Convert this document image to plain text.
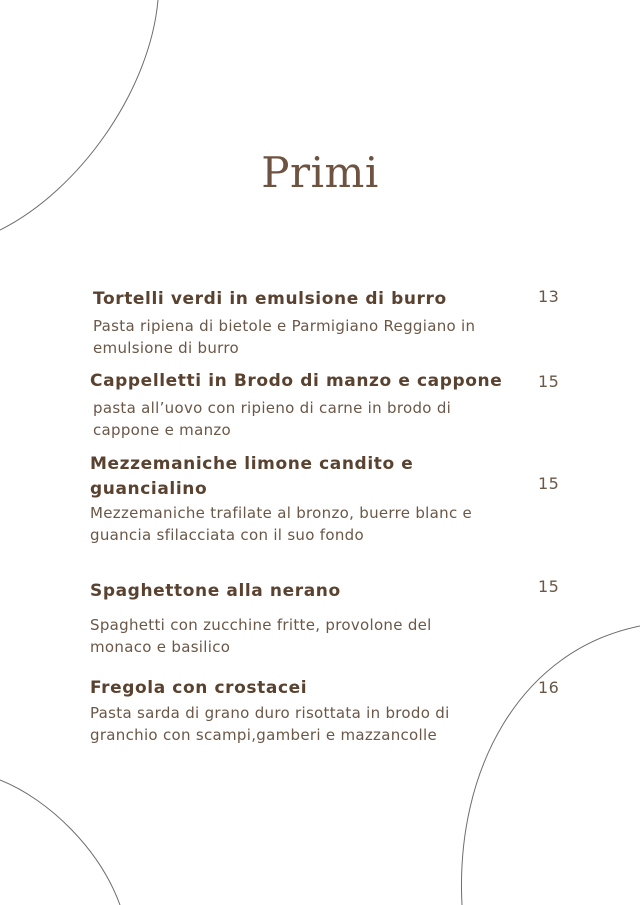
Primi
Tortelli verdi in emulsione di burro
Pasta ripiena di bietole e Parmigiano Reggiano in emulsione di burro
13
Cappelletti in Brodo di manzo e cappone
pasta all’uovo con ripieno di carne in brodo di cappone e manzo
15
Mezzemaniche limone candito e guancialino
Mezzemaniche trafilate al bronzo, buerre blanc e guancia sfilacciata con il suo fondo
15
Spaghettone alla nerano
Spaghetti con zucchine fritte, provolone del monaco e basilico
15
Fregola con crostacei
Pasta sarda di grano duro risottata in brodo di granchio con scampi,gamberi e mazzancolle
16
